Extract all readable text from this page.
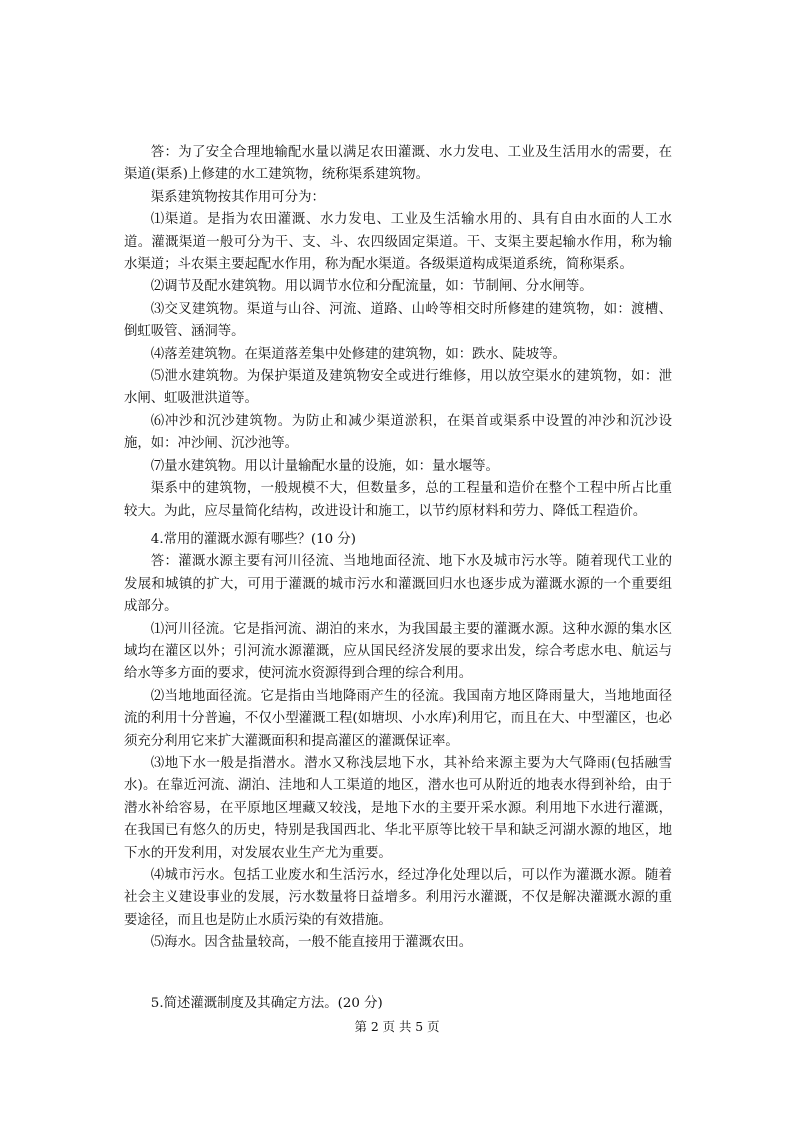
答：为了安全合理地输配水量以满足农田灌溉、水力发电、工业及生活用水的需要，在渠道(渠系)上修建的水工建筑物，统称渠系建筑物。

渠系建筑物按其作用可分为：

⑴渠道。是指为农田灌溉、水力发电、工业及生活输水用的、具有自由水面的人工水道。灌溉渠道一般可分为干、支、斗、农四级固定渠道。干、支渠主要起输水作用，称为输水渠道；斗农渠主要起配水作用，称为配水渠道。各级渠道构成渠道系统，简称渠系。

⑵调节及配水建筑物。用以调节水位和分配流量，如：节制闸、分水闸等。

⑶交叉建筑物。渠道与山谷、河流、道路、山岭等相交时所修建的建筑物，如：渡槽、倒虹吸管、涵洞等。

⑷落差建筑物。在渠道落差集中处修建的建筑物，如：跌水、陡坡等。

⑸泄水建筑物。为保护渠道及建筑物安全或进行维修，用以放空渠水的建筑物，如：泄水闸、虹吸泄洪道等。

⑹冲沙和沉沙建筑物。为防止和减少渠道淤积，在渠首或渠系中设置的冲沙和沉沙设施，如：冲沙闸、沉沙池等。

⑺量水建筑物。用以计量输配水量的设施，如：量水堰等。

渠系中的建筑物，一般规模不大，但数量多，总的工程量和造价在整个工程中所占比重较大。为此，应尽量简化结构，改进设计和施工，以节约原材料和劳力、降低工程造价。

4.常用的灌溉水源有哪些？(10 分)

答：灌溉水源主要有河川径流、当地地面径流、地下水及城市污水等。随着现代工业的发展和城镇的扩大，可用于灌溉的城市污水和灌溉回归水也逐步成为灌溉水源的一个重要组成部分。

⑴河川径流。它是指河流、湖泊的来水，为我国最主要的灌溉水源。这种水源的集水区域均在灌区以外；引河流水源灌溉，应从国民经济发展的要求出发，综合考虑水电、航运与给水等多方面的要求，使河流水资源得到合理的综合利用。

⑵当地地面径流。它是指由当地降雨产生的径流。我国南方地区降雨量大，当地地面径流的利用十分普遍，不仅小型灌溉工程(如塘坝、小水库)利用它，而且在大、中型灌区，也必须充分利用它来扩大灌溉面积和提高灌区的灌溉保证率。

⑶地下水一般是指潜水。潜水又称浅层地下水，其补给来源主要为大气降雨(包括融雪水)。在靠近河流、湖泊、洼地和人工渠道的地区，潜水也可从附近的地表水得到补给，由于潜水补给容易，在平原地区埋藏又较浅，是地下水的主要开采水源。利用地下水进行灌溉，在我国已有悠久的历史，特别是我国西北、华北平原等比较干旱和缺乏河湖水源的地区，地下水的开发利用，对发展农业生产尤为重要。

⑷城市污水。包括工业废水和生活污水，经过净化处理以后，可以作为灌溉水源。随着社会主义建设事业的发展，污水数量将日益增多。利用污水灌溉，不仅是解决灌溉水源的重要途径，而且也是防止水质污染的有效措施。

⑸海水。因含盐量较高，一般不能直接用于灌溉农田。

5.简述灌溉制度及其确定方法。(20 分)

第 2 页 共 5 页
